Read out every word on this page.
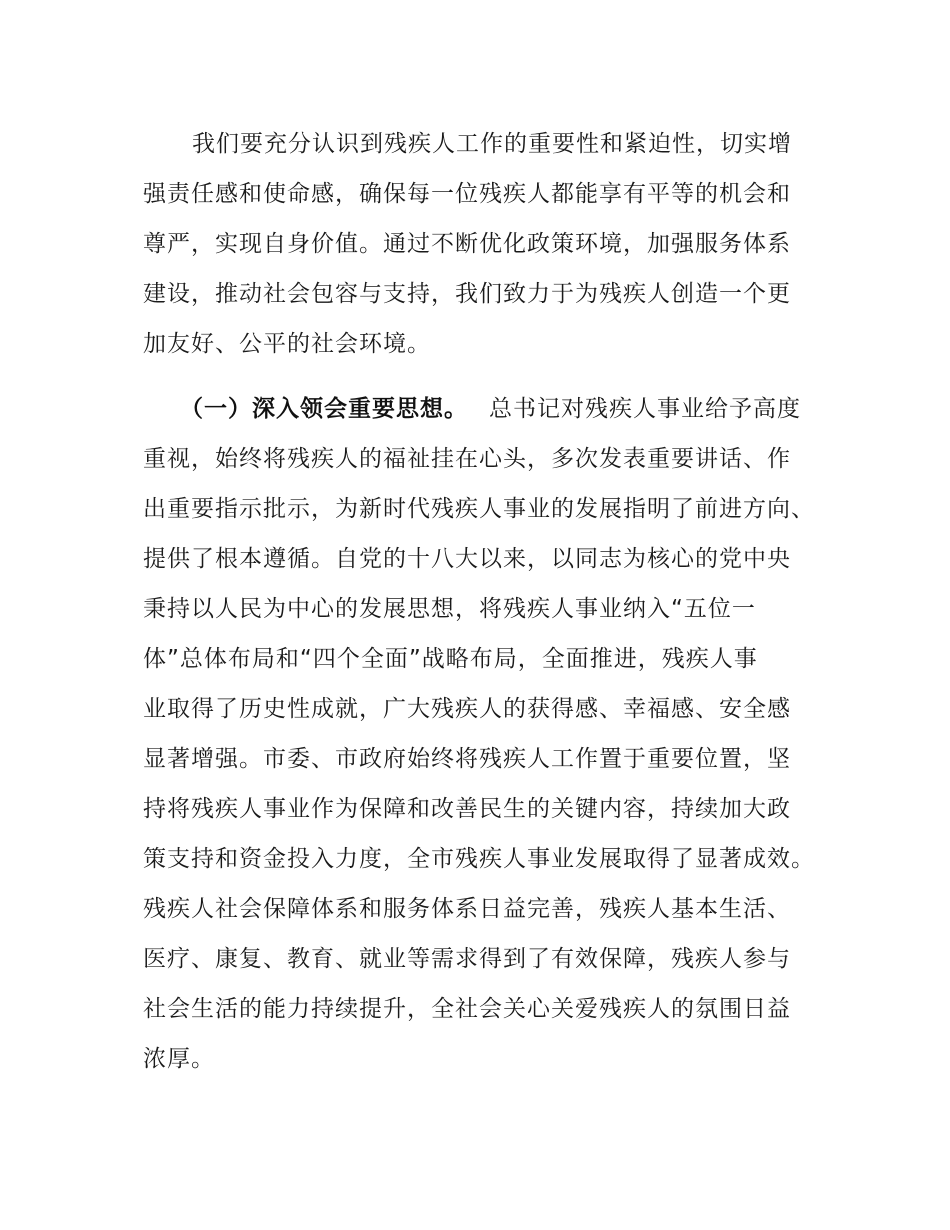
我们要充分认识到残疾人工作的重要性和紧迫性，切实增
强责任感和使命感，确保每一位残疾人都能享有平等的机会和
尊严，实现自身价值。通过不断优化政策环境，加强服务体系
建设，推动社会包容与支持，我们致力于为残疾人创造一个更
加友好、公平的社会环境。
（一）深入领会重要思想。 总书记对残疾人事业给予高度
重视，始终将残疾人的福祉挂在心头，多次发表重要讲话、作
出重要指示批示，为新时代残疾人事业的发展指明了前进方向、
提供了根本遵循。自党的十八大以来，以同志为核心的党中央
秉持以人民为中心的发展思想，将残疾人事业纳入“五位一
体”总体布局和“四个全面”战略布局，全面推进，残疾人事
业取得了历史性成就，广大残疾人的获得感、幸福感、安全感
显著增强。市委、市政府始终将残疾人工作置于重要位置，坚
持将残疾人事业作为保障和改善民生的关键内容，持续加大政
策支持和资金投入力度，全市残疾人事业发展取得了显著成效。
残疾人社会保障体系和服务体系日益完善，残疾人基本生活、
医疗、康复、教育、就业等需求得到了有效保障，残疾人参与
社会生活的能力持续提升，全社会关心关爱残疾人的氛围日益
浓厚。
